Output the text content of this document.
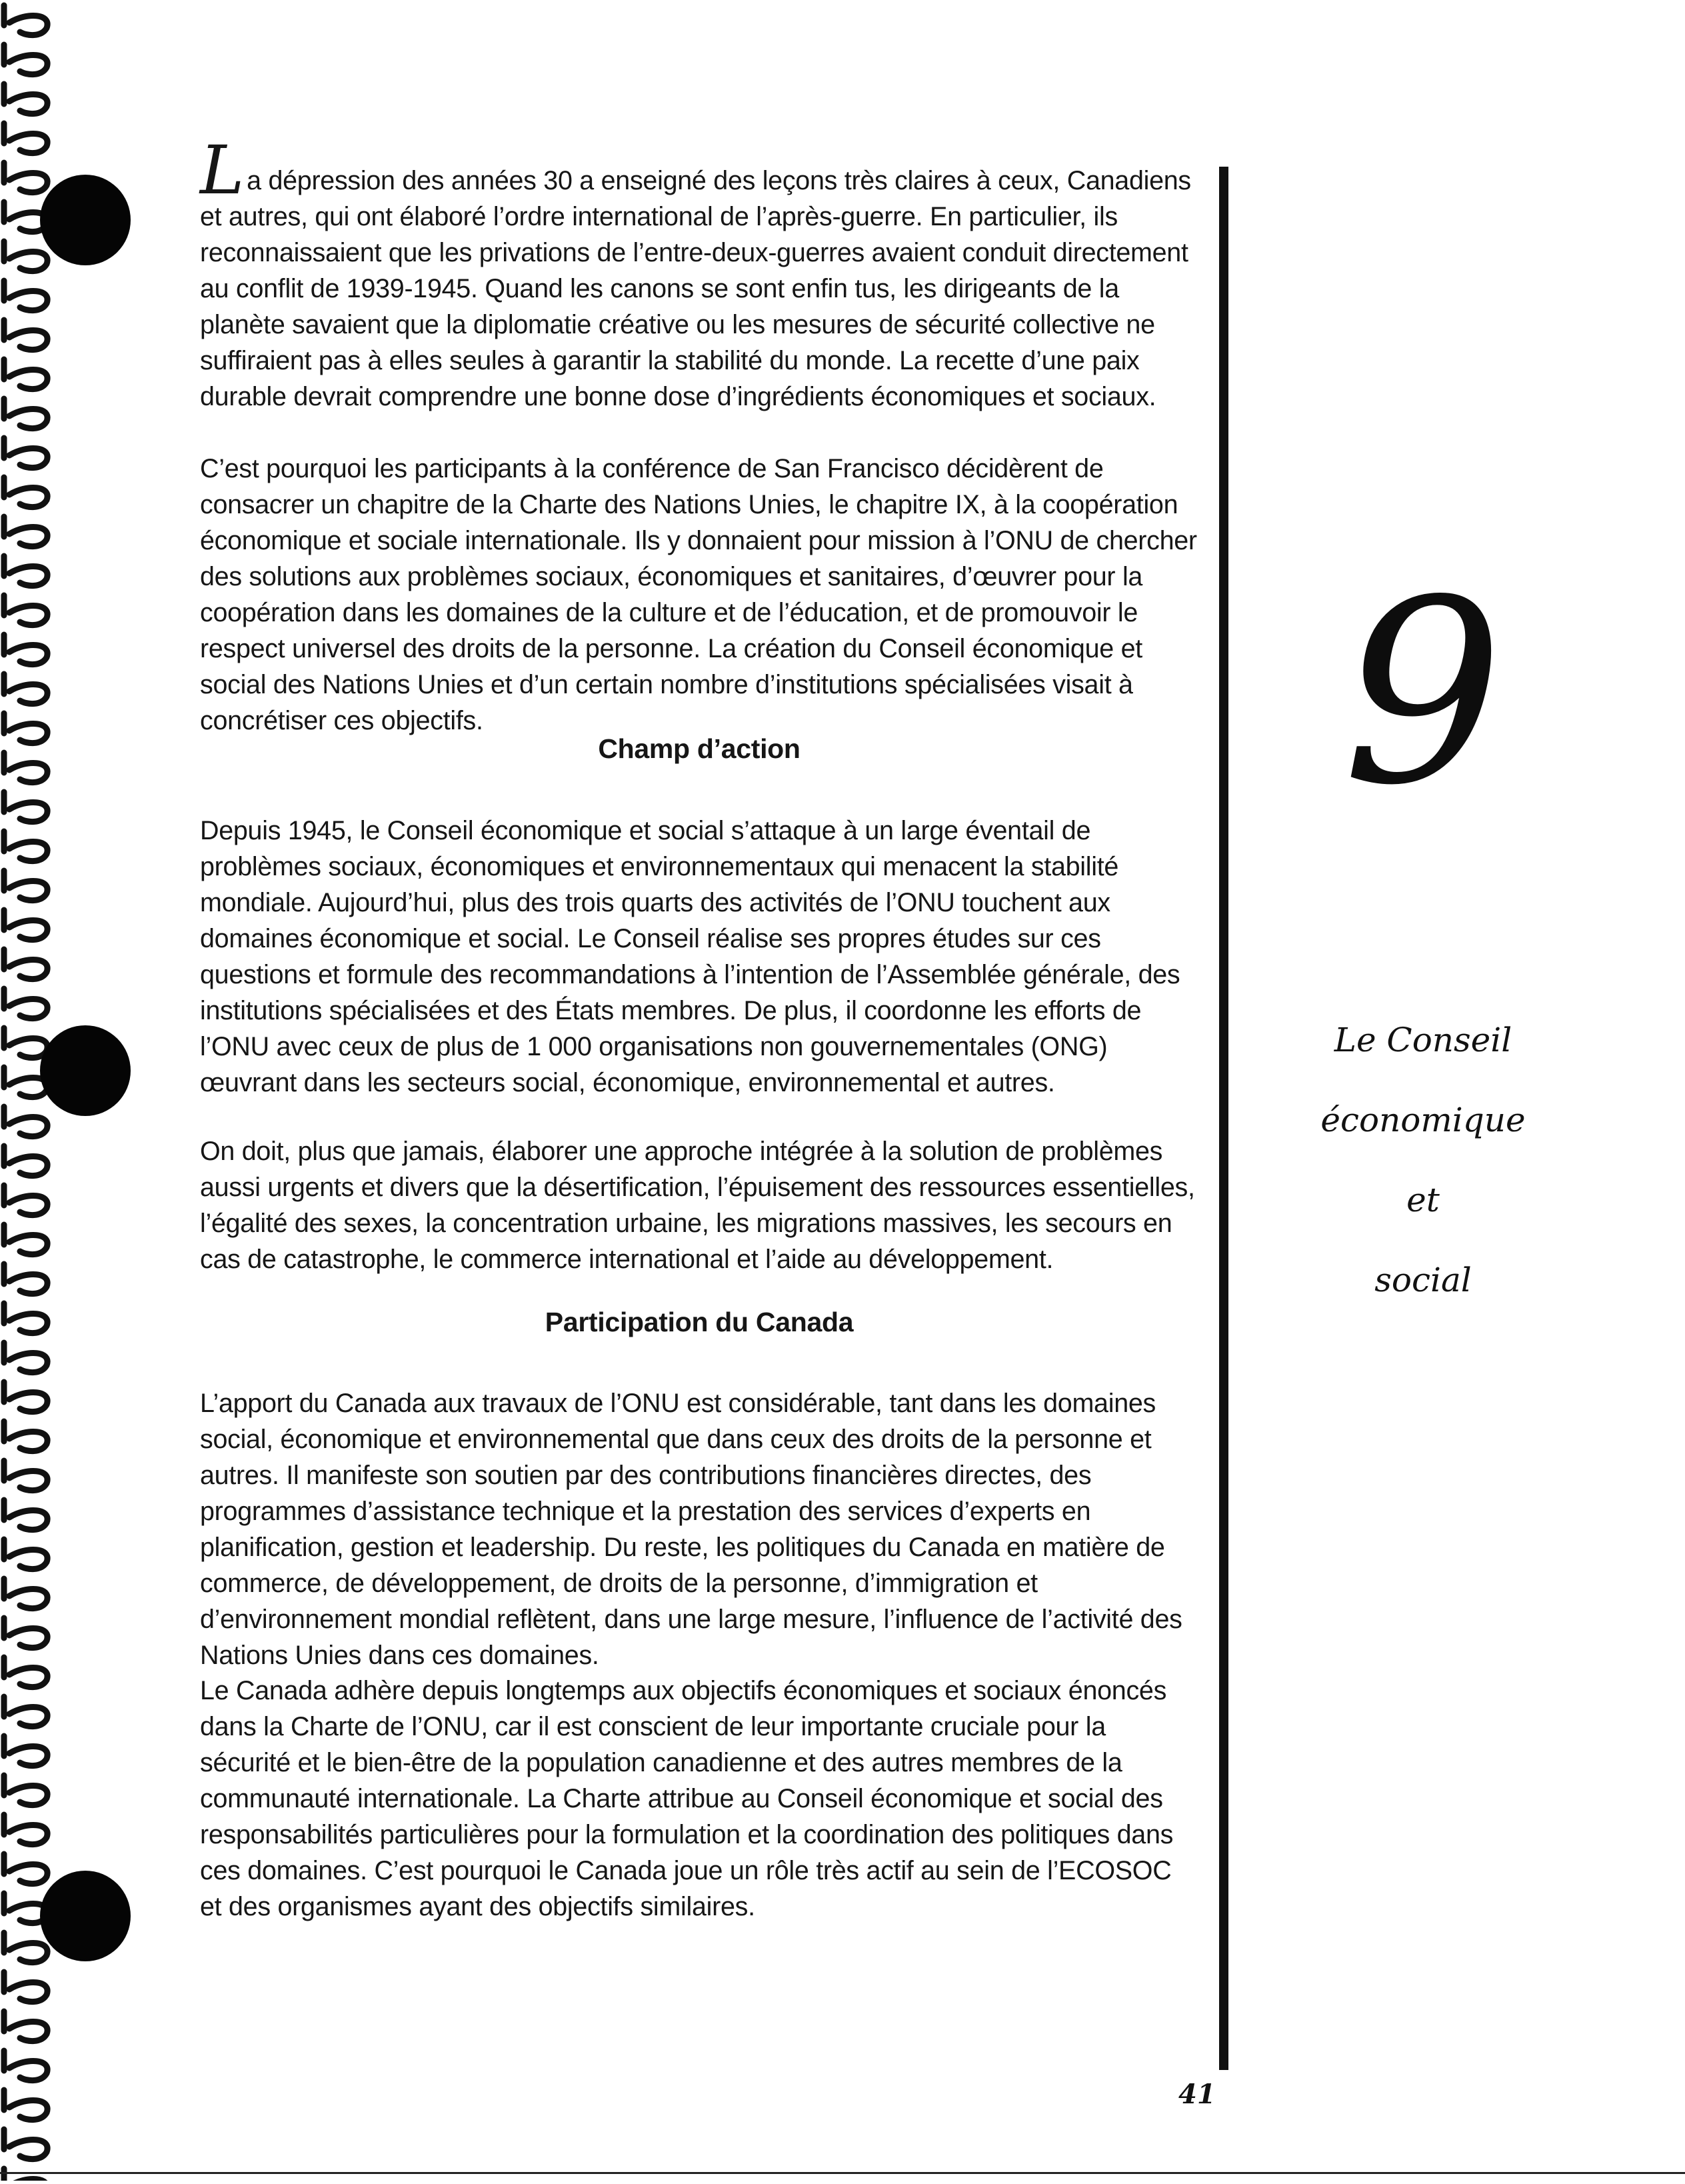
La dépression des années 30 a enseigné des leçons très claires à ceux, Canadiens et autres, qui ont élaboré l’ordre international de l’après-guerre. En particulier, ils reconnaissaient que les privations de l’entre-deux-guerres avaient conduit directement au conflit de 1939-1945. Quand les canons se sont enfin tus, les dirigeants de la planète savaient que la diplomatie créative ou les mesures de sécurité collective ne suffiraient pas à elles seules à garantir la stabilité du monde. La recette d’une paix durable devrait comprendre une bonne dose d’ingrédients économiques et sociaux.

C’est pourquoi les participants à la conférence de San Francisco décidèrent de consacrer un chapitre de la Charte des Nations Unies, le chapitre IX, à la coopération économique et sociale internationale. Ils y donnaient pour mission à l’ONU de chercher des solutions aux problèmes sociaux, économiques et sanitaires, d’œuvrer pour la coopération dans les domaines de la culture et de l’éducation, et de promouvoir le respect universel des droits de la personne. La création du Conseil économique et social des Nations Unies et d’un certain nombre d’institutions spécialisées visait à concrétiser ces objectifs.

Champ d’action

Depuis 1945, le Conseil économique et social s’attaque à un large éventail de problèmes sociaux, économiques et environnementaux qui menacent la stabilité mondiale. Aujourd’hui, plus des trois quarts des activités de l’ONU touchent aux domaines économique et social. Le Conseil réalise ses propres études sur ces questions et formule des recommandations à l’intention de l’Assemblée générale, des institutions spécialisées et des États membres. De plus, il coordonne les efforts de l’ONU avec ceux de plus de 1 000 organisations non gouvernementales (ONG) œuvrant dans les secteurs social, économique, environnemental et autres.

On doit, plus que jamais, élaborer une approche intégrée à la solution de problèmes aussi urgents et divers que la désertification, l’épuisement des ressources essentielles, l’égalité des sexes, la concentration urbaine, les migrations massives, les secours en cas de catastrophe, le commerce international et l’aide au développement.

Participation du Canada

L’apport du Canada aux travaux de l’ONU est considérable, tant dans les domaines social, économique et environnemental que dans ceux des droits de la personne et autres. Il manifeste son soutien par des contributions financières directes, des programmes d’assistance technique et la prestation des services d’experts en planification, gestion et leadership. Du reste, les politiques du Canada en matière de commerce, de développement, de droits de la personne, d’immigration et d’environnement mondial reflètent, dans une large mesure, l’influence de l’activité des Nations Unies dans ces domaines.

Le Canada adhère depuis longtemps aux objectifs économiques et sociaux énoncés dans la Charte de l’ONU, car il est conscient de leur importante cruciale pour la sécurité et le bien-être de la population canadienne et des autres membres de la communauté internationale. La Charte attribue au Conseil économique et social des responsabilités particulières pour la formulation et la coordination des politiques dans ces domaines. C’est pourquoi le Canada joue un rôle très actif au sein de l’ECOSOC et des organismes ayant des objectifs similaires.

9
Le Conseil
économique
et
social
41
